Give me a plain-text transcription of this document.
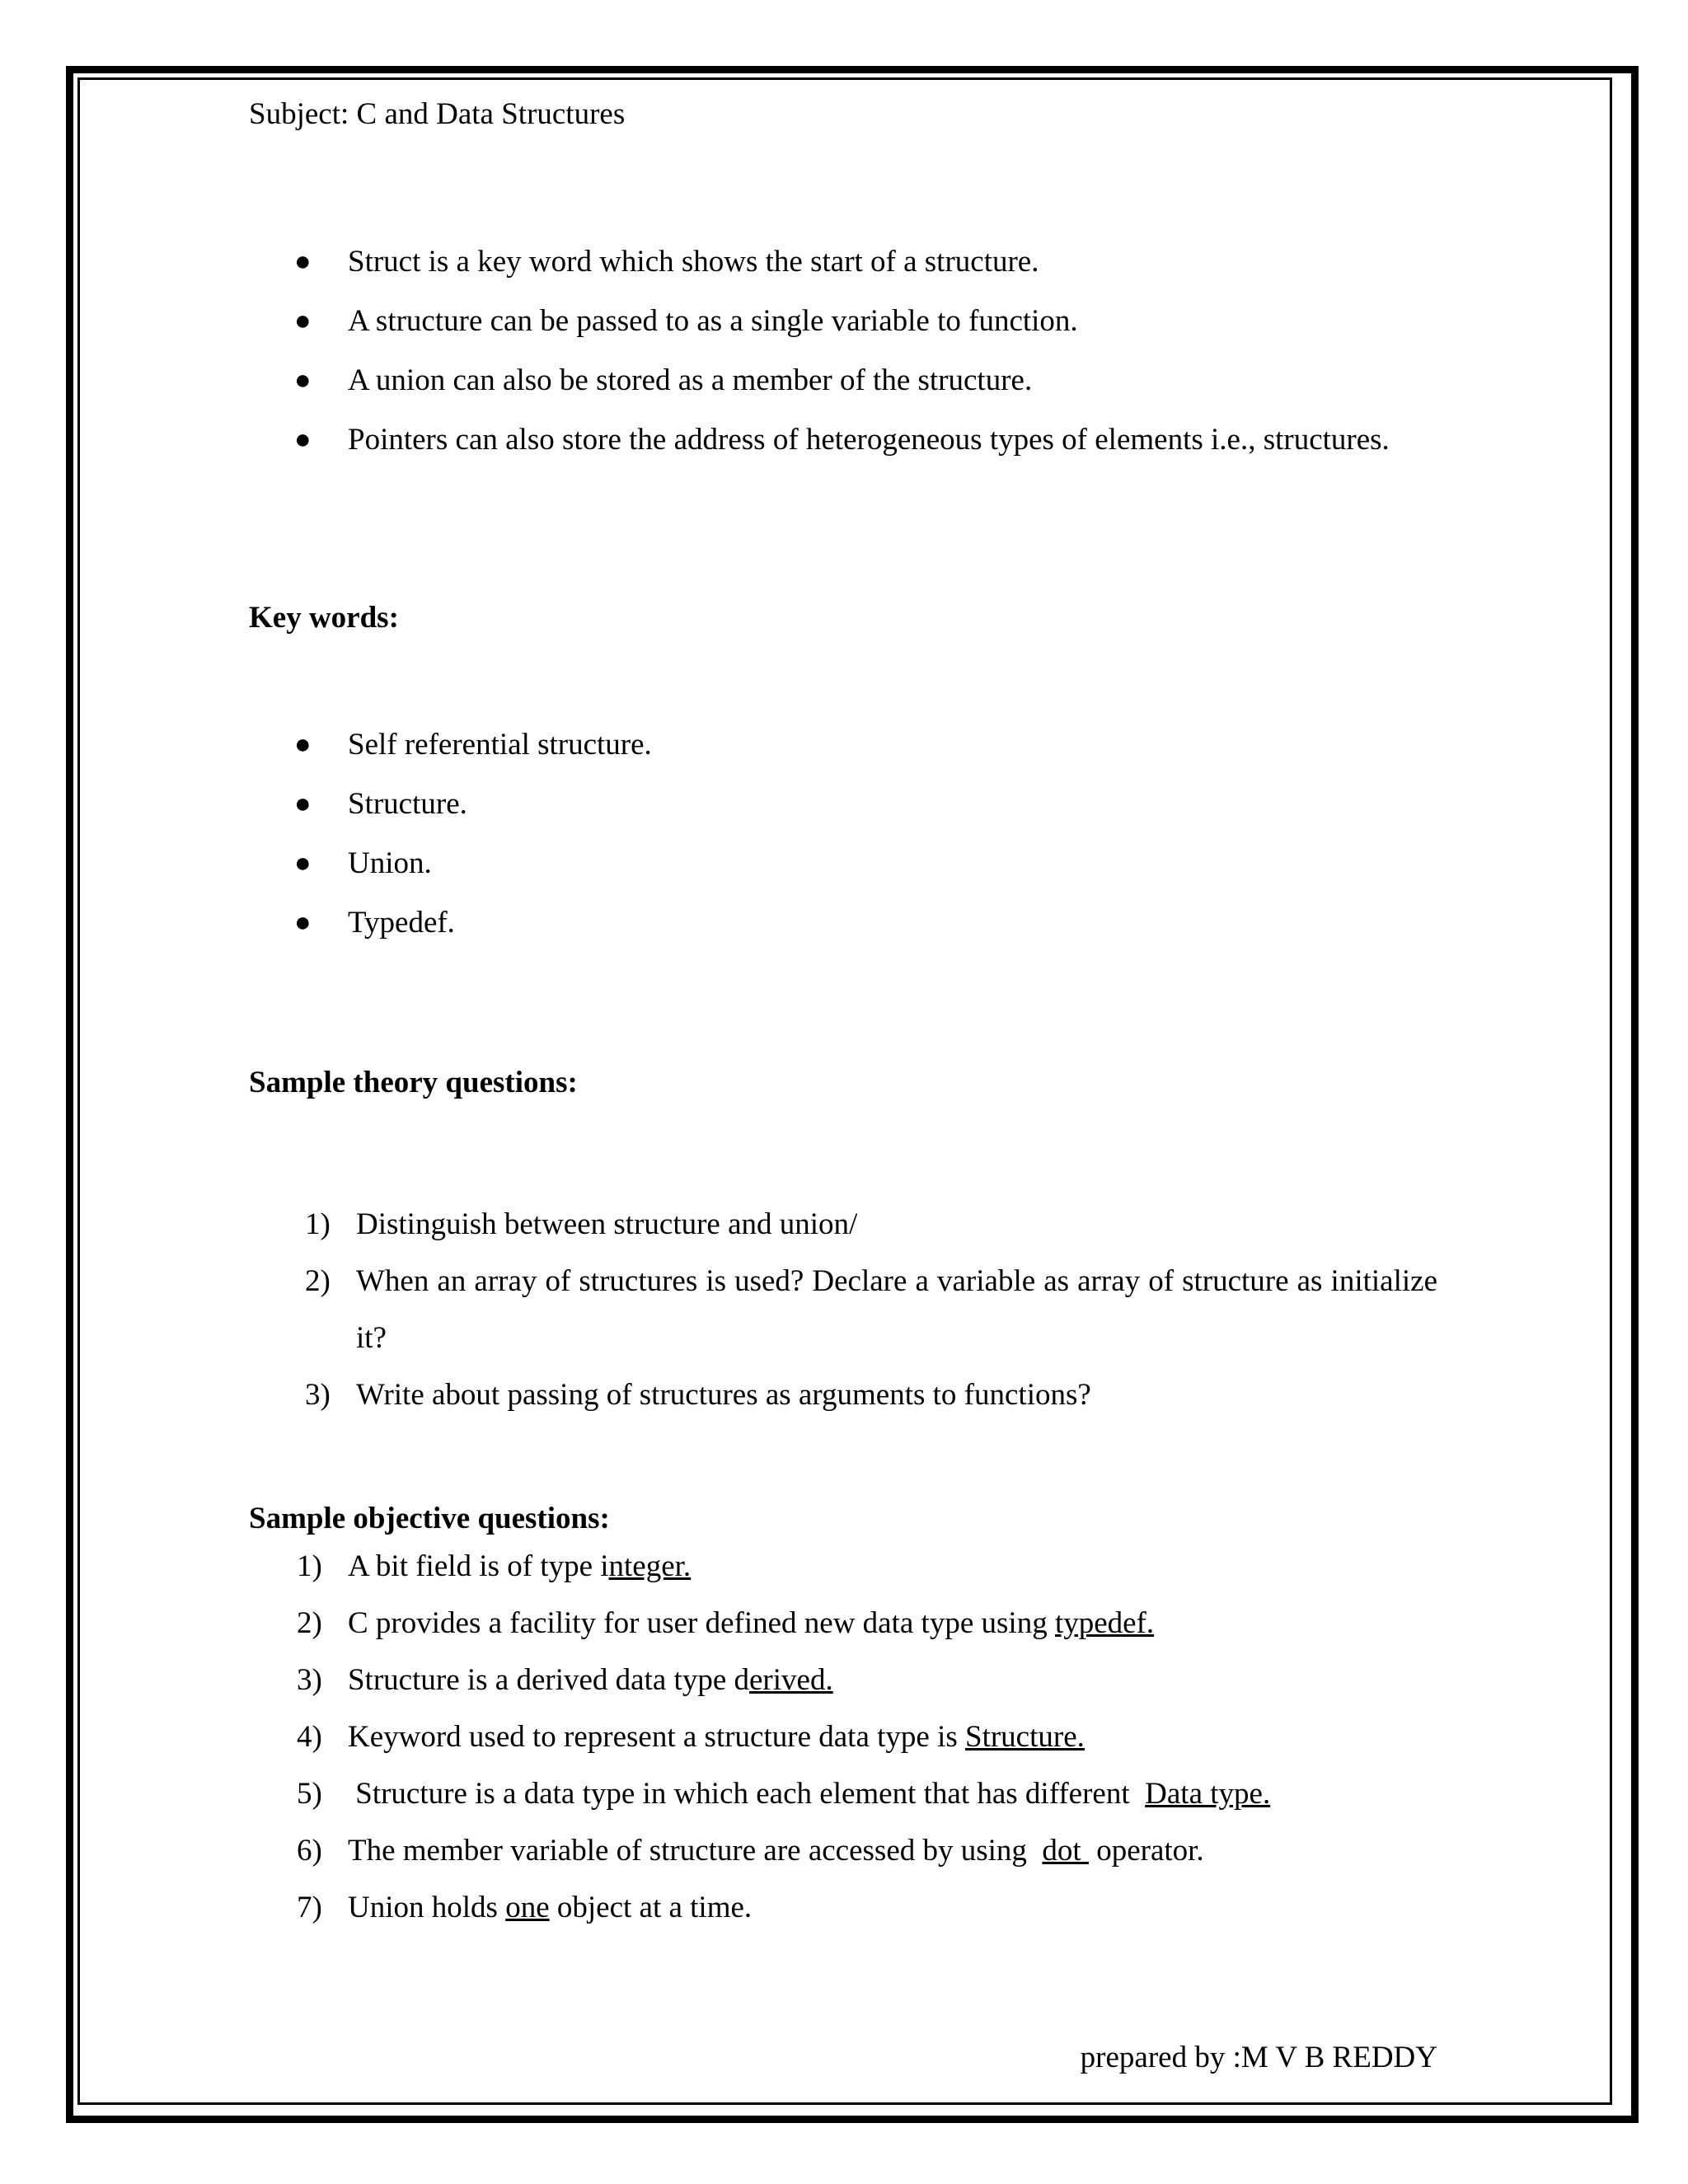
Subject: C and Data Structures

● Struct is a key word which shows the start of a structure.
● A structure can be passed to as a single variable to function.
● A union can also be stored as a member of the structure.
● Pointers can also store the address of heterogeneous types of elements i.e., structures.

Key words:

● Self referential structure.
● Structure.
● Union.
● Typedef.

Sample theory questions:

1) Distinguish between structure and union/
2) When an array of structures is used? Declare a variable as array of structure as initialize it?
3) Write about passing of structures as arguments to functions?

Sample objective questions:

1) A bit field is of type integer.
2) C provides a facility for user defined new data type using typedef.
3) Structure is a derived data type derived.
4) Keyword used to represent a structure data type is Structure.
5) Structure is a data type in which each element that has different  Data type.
6) The member variable of structure are accessed by using  dot  operator.
7) Union holds one object at a time.
prepared by :M V B REDDY
